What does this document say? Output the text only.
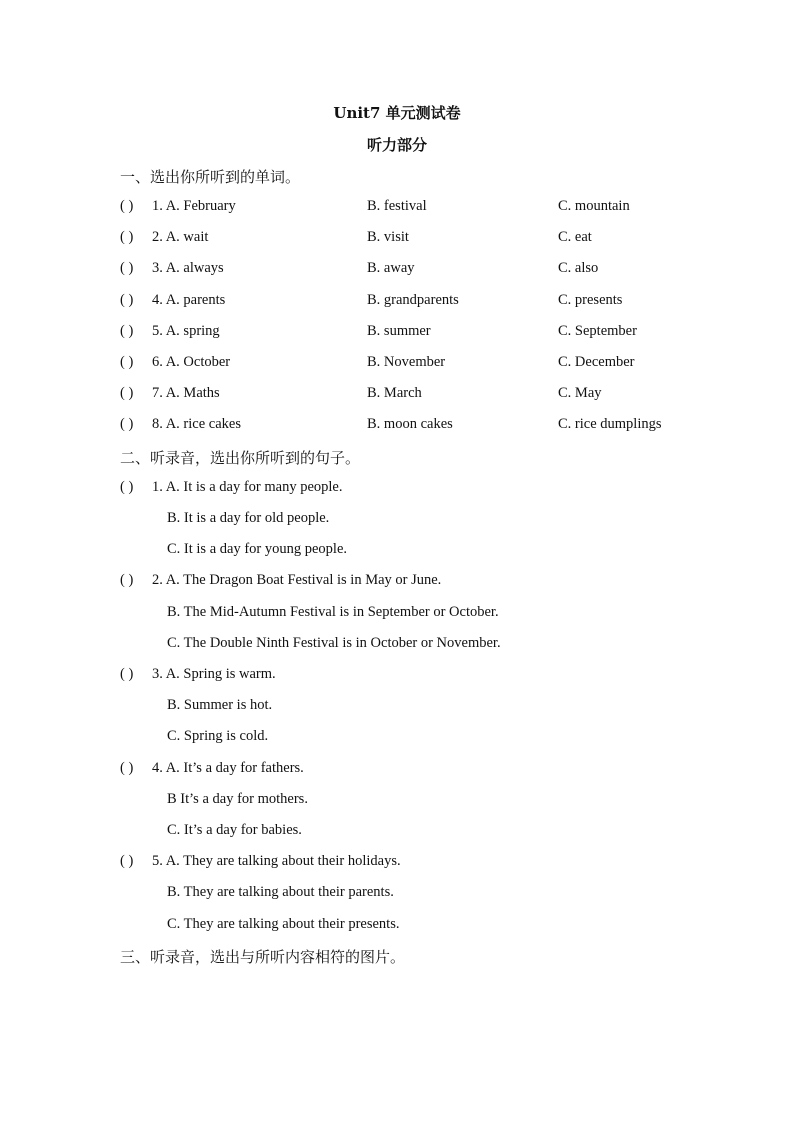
Unit7 单元测试卷
听力部分
一、选出你所听到的单词。
( ) 1. A. February	B. festival	C. mountain
( ) 2. A. wait	B. visit	C. eat
( ) 3. A. always	B. away	C. also
( ) 4. A. parents	B. grandparents	C. presents
( ) 5. A. spring	B. summer	C. September
( ) 6. A. October	B. November	C. December
( ) 7. A. Maths	B. March	C. May
( ) 8. A. rice cakes	B. moon cakes	C. rice dumplings
二、听录音，选出你所听到的句子。
( ) 1. A. It is a day for many people.
B. It is a day for old people.
C. It is a day for young people.
( ) 2. A. The Dragon Boat Festival is in May or June.
B. The Mid-Autumn Festival is in September or October.
C. The Double Ninth Festival is in October or November.
( ) 3. A. Spring is warm.
B. Summer is hot.
C. Spring is cold.
( ) 4. A. It’s a day for fathers.
B It’s a day for mothers.
C. It’s a day for babies.
( ) 5. A. They are talking about their holidays.
B. They are talking about their parents.
C. They are talking about their presents.
三、听录音，选出与所听内容相符的图片。
